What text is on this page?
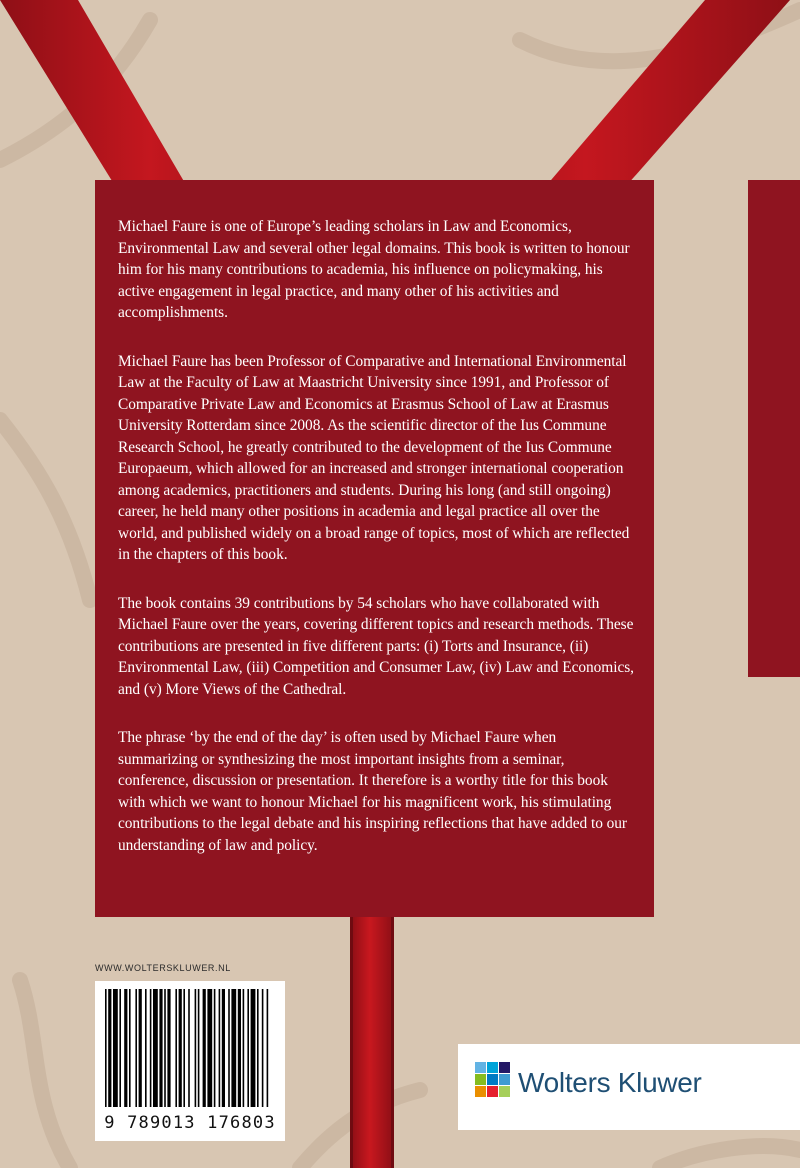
Michael Faure is one of Europe’s leading scholars in Law and Economics, Environmental Law and several other legal domains. This book is written to honour him for his many contributions to academia, his influence on policymaking, his active engagement in legal practice, and many other of his activities and accomplishments.

Michael Faure has been Professor of Comparative and International Environmental Law at the Faculty of Law at Maastricht University since 1991, and Professor of Comparative Private Law and Economics at Erasmus School of Law at Erasmus University Rotterdam since 2008. As the scientific director of the Ius Commune Research School, he greatly contributed to the development of the Ius Commune Europaeum, which allowed for an increased and stronger international cooperation among academics, practitioners and students. During his long (and still ongoing) career, he held many other positions in academia and legal practice all over the world, and published widely on a broad range of topics, most of which are reflected in the chapters of this book.

The book contains 39 contributions by 54 scholars who have collaborated with Michael Faure over the years, covering different topics and research methods. These contributions are presented in five different parts: (i) Torts and Insurance, (ii) Environmental Law, (iii) Competition and Consumer Law, (iv) Law and Economics, and (v) More Views of the Cathedral.

The phrase ‘by the end of the day’ is often used by Michael Faure when summarizing or synthesizing the most important insights from a seminar, conference, discussion or presentation. It therefore is a worthy title for this book with which we want to honour Michael for his magnificent work, his stimulating contributions to the legal debate and his inspiring reflections that have added to our understanding of law and policy.

WWW.WOLTERSKLUWER.NL
9 789013 176803
Wolters Kluwer
